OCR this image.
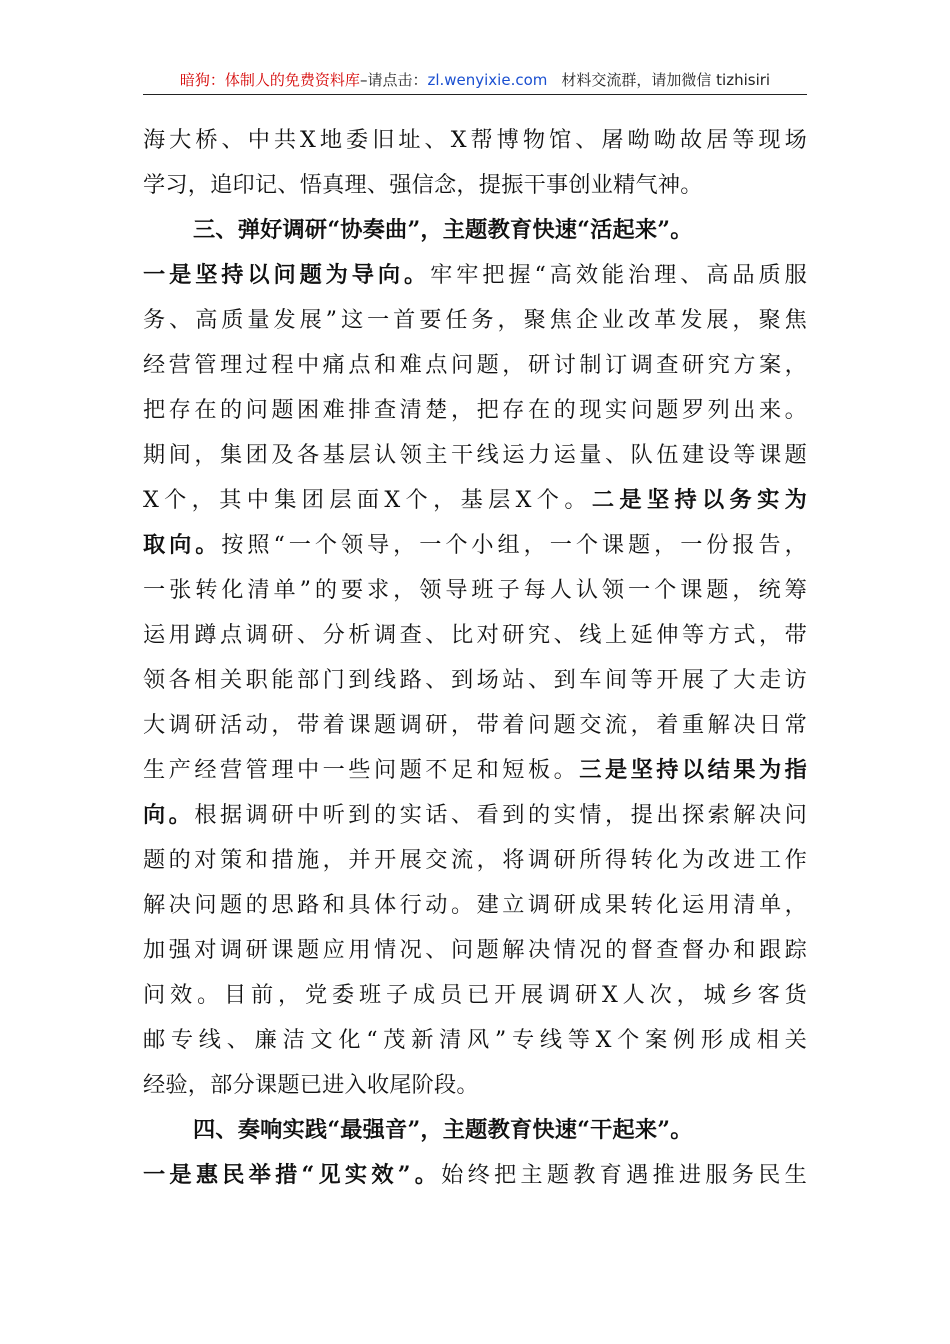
暗狗：体制人的免费资料库–请点击：zl.wenyixie.com 材料交流群，请加微信 tizhisiri
海大桥、中共X地委旧址、X帮博物馆、屠呦呦故居等现场
学习，追印记、悟真理、强信念，提振干事创业精气神。
三、弹好调研“协奏曲”，主题教育快速“活起来”。
一是坚持以问题为导向。牢牢把握“高效能治理、高品质服
务、高质量发展”这一首要任务，聚焦企业改革发展，聚焦
经营管理过程中痛点和难点问题，研讨制订调查研究方案，
把存在的问题困难排查清楚，把存在的现实问题罗列出来。
期间，集团及各基层认领主干线运力运量、队伍建设等课题
X个，其中集团层面X个，基层X个。二是坚持以务实为
取向。按照“一个领导，一个小组，一个课题，一份报告，
一张转化清单”的要求，领导班子每人认领一个课题，统筹
运用蹲点调研、分析调查、比对研究、线上延伸等方式，带
领各相关职能部门到线路、到场站、到车间等开展了大走访
大调研活动，带着课题调研，带着问题交流，着重解决日常
生产经营管理中一些问题不足和短板。三是坚持以结果为指
向。根据调研中听到的实话、看到的实情，提出探索解决问
题的对策和措施，并开展交流，将调研所得转化为改进工作
解决问题的思路和具体行动。建立调研成果转化运用清单，
加强对调研课题应用情况、问题解决情况的督查督办和跟踪
问效。目前，党委班子成员已开展调研X人次，城乡客货
邮专线、廉洁文化“茂新清风”专线等X个案例形成相关
经验，部分课题已进入收尾阶段。
四、奏响实践“最强音”，主题教育快速“干起来”。
一是惠民举措“见实效”。始终把主题教育遇推进服务民生
